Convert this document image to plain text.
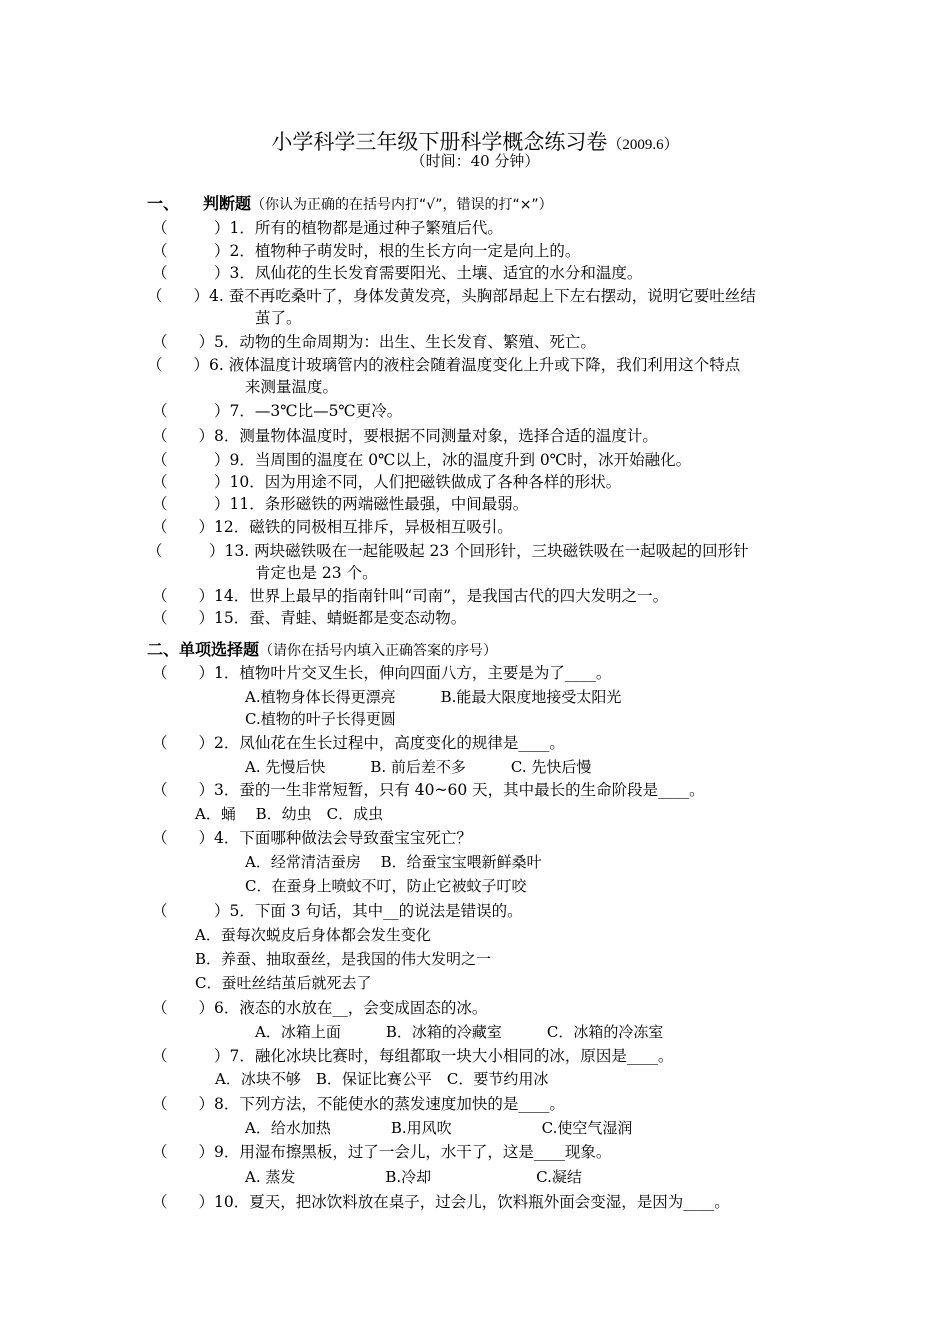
小学科学三年级下册科学概念练习卷（2009.6）
（时间：40 分钟）
一、　　判断题（你认为正确的在括号内打“√”，错误的打“×”）
（　　　）1．所有的植物都是通过种子繁殖后代。
（　　　）2．植物种子萌发时，根的生长方向一定是向上的。
（　　　）3．凤仙花的生长发育需要阳光、土壤、适宜的水分和温度。
（　　）4. 蚕不再吃桑叶了，身体发黄发亮，头胸部昂起上下左右摆动，说明它要吐丝结
茧了。
（　　）5．动物的生命周期为：出生、生长发育、繁殖、死亡。
（　　）6. 液体温度计玻璃管内的液柱会随着温度变化上升或下降，我们利用这个特点
来测量温度。
（　　　）7．—3℃比—5℃更冷。
（　　）8．测量物体温度时，要根据不同测量对象，选择合适的温度计。
（　　　）9．当周围的温度在 0℃以上，冰的温度升到 0℃时，冰开始融化。
（　　　）10．因为用途不同，人们把磁铁做成了各种各样的形状。
（　　　）11．条形磁铁的两端磁性最强，中间最弱。
（　　）12．磁铁的同极相互排斥，异极相互吸引。
（　　　）13. 两块磁铁吸在一起能吸起 23 个回形针，三块磁铁吸在一起吸起的回形针
肯定也是 23 个。
（　　）14．世界上最早的指南针叫“司南”，是我国古代的四大发明之一。
（　　）15．蚕、青蛙、蜻蜓都是变态动物。
二、单项选择题（请你在括号内填入正确答案的序号）
（　　）1．植物叶片交叉生长，伸向四面八方，主要是为了____。
A.植物身体长得更漂亮　　　B.能最大限度地接受太阳光
C.植物的叶子长得更圆
（　　）2．凤仙花在生长过程中，高度变化的规律是____。
A. 先慢后快　　　B. 前后差不多　　　C. 先快后慢
（　　）3．蚕的一生非常短暂，只有 40~60 天，其中最长的生命阶段是____。
A．蛹　 B．幼虫　C．成虫
（　　）4．下面哪种做法会导致蚕宝宝死亡？
A．经常清洁蚕房　 B．给蚕宝宝喂新鲜桑叶
C．在蚕身上喷蚊不叮，防止它被蚊子叮咬
（　　　）5．下面 3 句话，其中__的说法是错误的。
A．蚕每次蜕皮后身体都会发生变化
B．养蚕、抽取蚕丝，是我国的伟大发明之一
C．蚕吐丝结茧后就死去了
（　　）6．液态的水放在__，会变成固态的冰。
A．冰箱上面　　　B．冰箱的冷藏室　　　C．冰箱的冷冻室
（　　　）7．融化冰块比赛时，每组都取一块大小相同的冰，原因是____。
A．冰块不够　B．保证比赛公平　C．要节约用冰
（　　）8．下列方法，不能使水的蒸发速度加快的是____。
A．给水加热　　　　B.用风吹　　　　　　C.使空气湿润
（　　）9．用湿布擦黑板，过了一会儿，水干了，这是____现象。
A. 蒸发　　　　　　B.冷却　　　　　　　C.凝结
（　　）10．夏天，把冰饮料放在桌子，过会儿，饮料瓶外面会变湿，是因为____。
